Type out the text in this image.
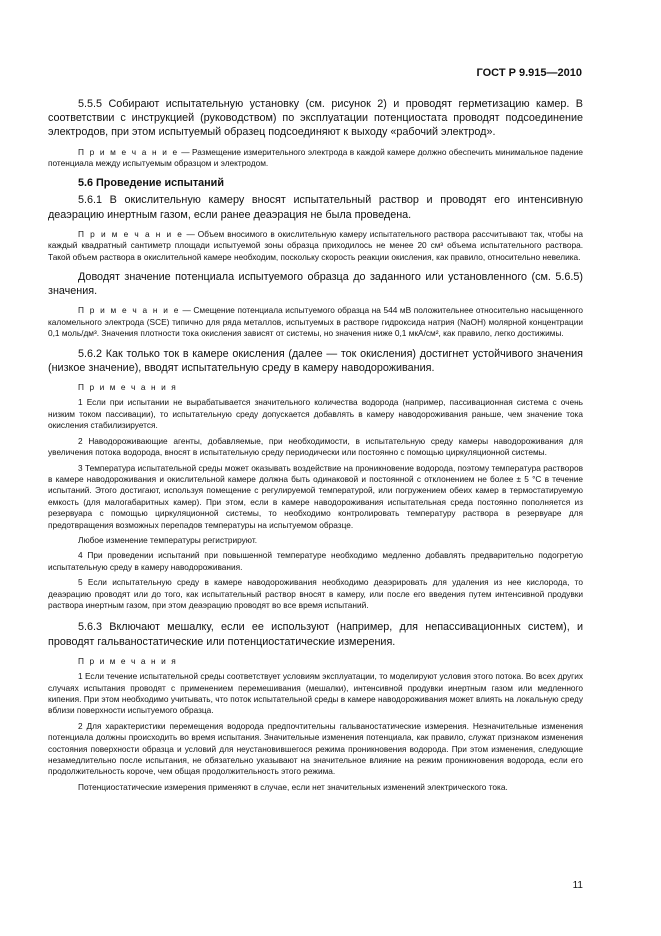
ГОСТ Р 9.915—2010

5.5.5 Собирают испытательную установку (см. рисунок 2) и проводят герметизацию камер. В соответствии с инструкцией (руководством) по эксплуатации потенциостата проводят подсоединение электродов, при этом испытуемый образец подсоединяют к выходу «рабочий электрод».

П р и м е ч а н и е — Размещение измерительного электрода в каждой камере должно обеспечить минимальное падение потенциала между испытуемым образцом и электродом.

5.6 Проведение испытаний

5.6.1 В окислительную камеру вносят испытательный раствор и проводят его интенсивную деаэрацию инертным газом, если ранее деаэрация не была проведена.

П р и м е ч а н и е — Объем вносимого в окислительную камеру испытательного раствора рассчитывают так, чтобы на каждый квадратный сантиметр площади испытуемой зоны образца приходилось не менее 20 см³ объема испытательного раствора. Такой объем раствора в окислительной камере необходим, поскольку скорость реакции окисления, как правило, относительно невелика.

Доводят значение потенциала испытуемого образца до заданного или установленного (см. 5.6.5) значения.

П р и м е ч а н и е — Смещение потенциала испытуемого образца на 544 мВ положительнее относительно насыщенного каломельного электрода (SCE) типично для ряда металлов, испытуемых в растворе гидроксида натрия (NaOH) молярной концентрации 0,1 моль/дм³. Значения плотности тока окисления зависят от системы, но значения ниже 0,1 мкА/см², как правило, легко достижимы.

5.6.2 Как только ток в камере окисления (далее — ток окисления) достигнет устойчивого значения (низкое значение), вводят испытательную среду в камеру наводороживания.

П р и м е ч а н и я

1 Если при испытании не вырабатывается значительного количества водорода (например, пассивационная система с очень низким током пассивации), то испытательную среду допускается добавлять в камеру наводороживания раньше, чем значение тока окисления стабилизируется.

2 Наводороживающие агенты, добавляемые, при необходимости, в испытательную среду камеры наводороживания для увеличения потока водорода, вносят в испытательную среду периодически или постоянно с помощью циркуляционной системы.

3 Температура испытательной среды может оказывать воздействие на проникновение водорода, поэтому температура растворов в камере наводороживания и окислительной камере должна быть одинаковой и постоянной с отклонением не более ± 5 °С в течение испытаний. Этого достигают, используя помещение с регулируемой температурой, или погружением обеих камер в термостатируемую емкость (для малогабаритных камер). При этом, если в камере наводороживания испытательная среда постоянно пополняется из резервуара с помощью циркуляционной системы, то необходимо контролировать температуру раствора в резервуаре для предотвращения возможных перепадов температуры на испытуемом образце.

Любое изменение температуры регистрируют.

4 При проведении испытаний при повышенной температуре необходимо медленно добавлять предварительно подогретую испытательную среду в камеру наводороживания.

5 Если испытательную среду в камере наводороживания необходимо деаэрировать для удаления из нее кислорода, то деаэрацию проводят или до того, как испытательный раствор вносят в камеру, или после его введения путем интенсивной продувки раствора инертным газом, при этом деаэрацию проводят во все время испытаний.

5.6.3 Включают мешалку, если ее используют (например, для непассивационных систем), и проводят гальваностатические или потенциостатические измерения.

П р и м е ч а н и я

1 Если течение испытательной среды соответствует условиям эксплуатации, то моделируют условия этого потока. Во всех других случаях испытания проводят с применением перемешивания (мешалки), интенсивной продувки инертным газом или медленного кипения. При этом необходимо учитывать, что поток испытательной среды в камере наводороживания может влиять на локальную среду вблизи поверхности испытуемого образца.

2 Для характеристики перемещения водорода предпочтительны гальваностатические измерения. Незначительные изменения потенциала должны происходить во время испытания. Значительные изменения потенциала, как правило, служат признаком изменения состояния поверхности образца и условий для неустановившегося режима проникновения водорода. При этом изменения, следующие незамедлительно после испытания, не обязательно указывают на значительное влияние на режим проникновения водорода, если его продолжительность короче, чем общая продолжительность этого режима.

Потенциостатические измерения применяют в случае, если нет значительных изменений электрического тока.

11
